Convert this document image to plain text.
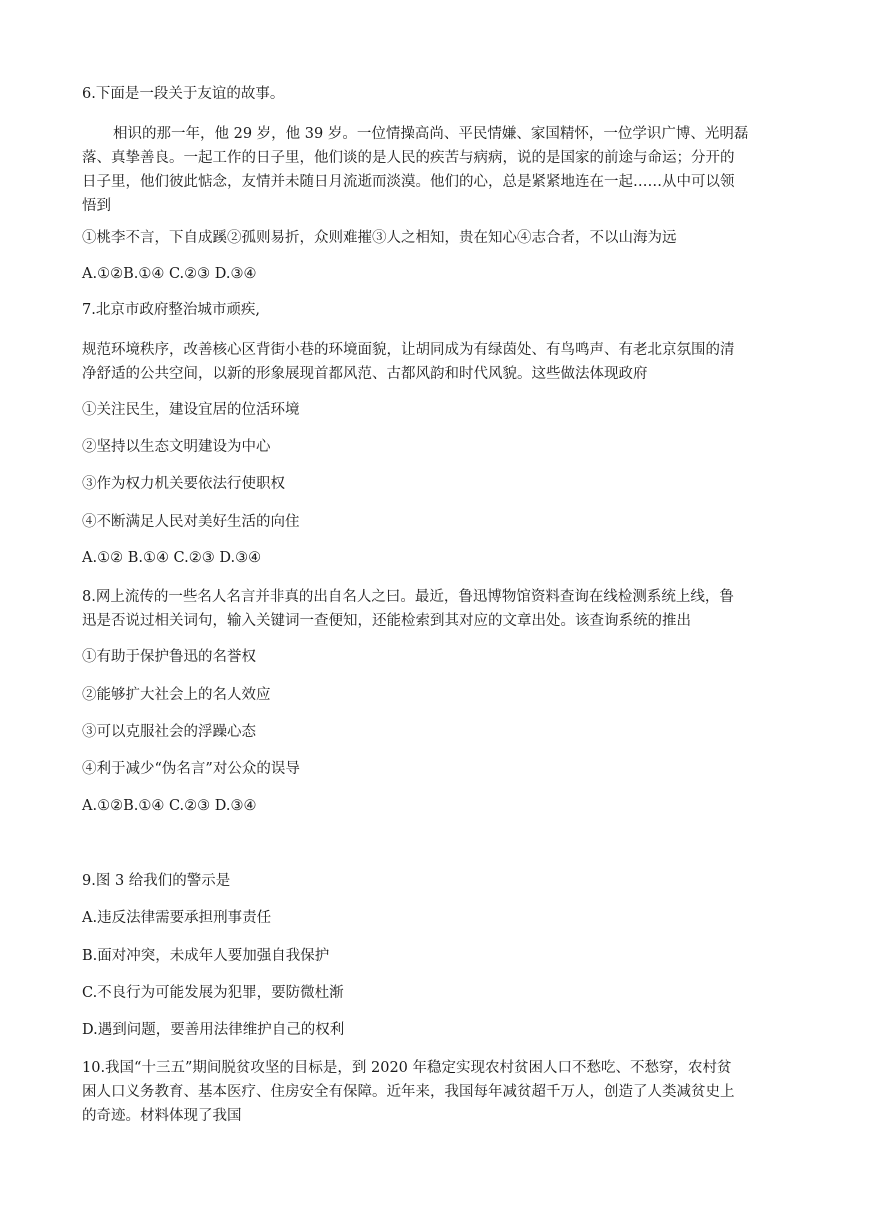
6.下面是一段关于友谊的故事。
相识的那一年，他 29 岁，他 39 岁。一位情操高尚、平民情嫌、家国精怀，一位学识广博、光明磊
落、真挚善良。一起工作的日子里，他们谈的是人民的疾苦与病病，说的是国家的前途与命运；分开的
日子里，他们彼此惦念，友情并未随日月流逝而淡漠。他们的心，总是紧紧地连在一起……从中可以领
悟到
①桃李不言，下自成蹊②孤则易折，众则难摧③人之相知，贵在知心④志合者，不以山海为远
A.①②B.①④ C.②③ D.③④
7.北京市政府整治城市顽疾,
规范环境秩序，改善核心区背街小巷的环境面貌，让胡同成为有绿茵处、有鸟鸣声、有老北京氛围的清
净舒适的公共空间，以新的形象展现首都风范、古都风韵和时代风貌。这些做法体现政府
①关注民生，建设宜居的位活环境
②坚持以生态文明建设为中心
③作为权力机关要依法行使职权
④不断满足人民对美好生活的向住
A.①② B.①④ C.②③ D.③④
8.网上流传的一些名人名言并非真的出自名人之曰。最近，鲁迅博物馆资料查询在线检测系统上线，鲁
迅是否说过相关词句，输入关键词一查便知，还能检索到其对应的文章出处。该查询系统的推出
①有助于保护鲁迅的名誉权
②能够扩大社会上的名人效应
③可以克服社会的浮躁心态
④利于减少“伪名言”对公众的误导
A.①②B.①④ C.②③ D.③④
9.图 3 给我们的警示是
A.违反法律需要承担刑事责任
B.面对冲突，未成年人要加强自我保护
C.不良行为可能发展为犯罪，要防微杜渐
D.遇到问题，要善用法律维护自己的权利
10.我国“十三五”期间脱贫攻坚的目标是，到 2020 年稳定实现农村贫困人口不愁吃、不愁穿，农村贫
困人口义务教育、基本医疗、住房安全有保障。近年来，我国每年减贫超千万人，创造了人类减贫史上
的奇迹。材料体现了我国
